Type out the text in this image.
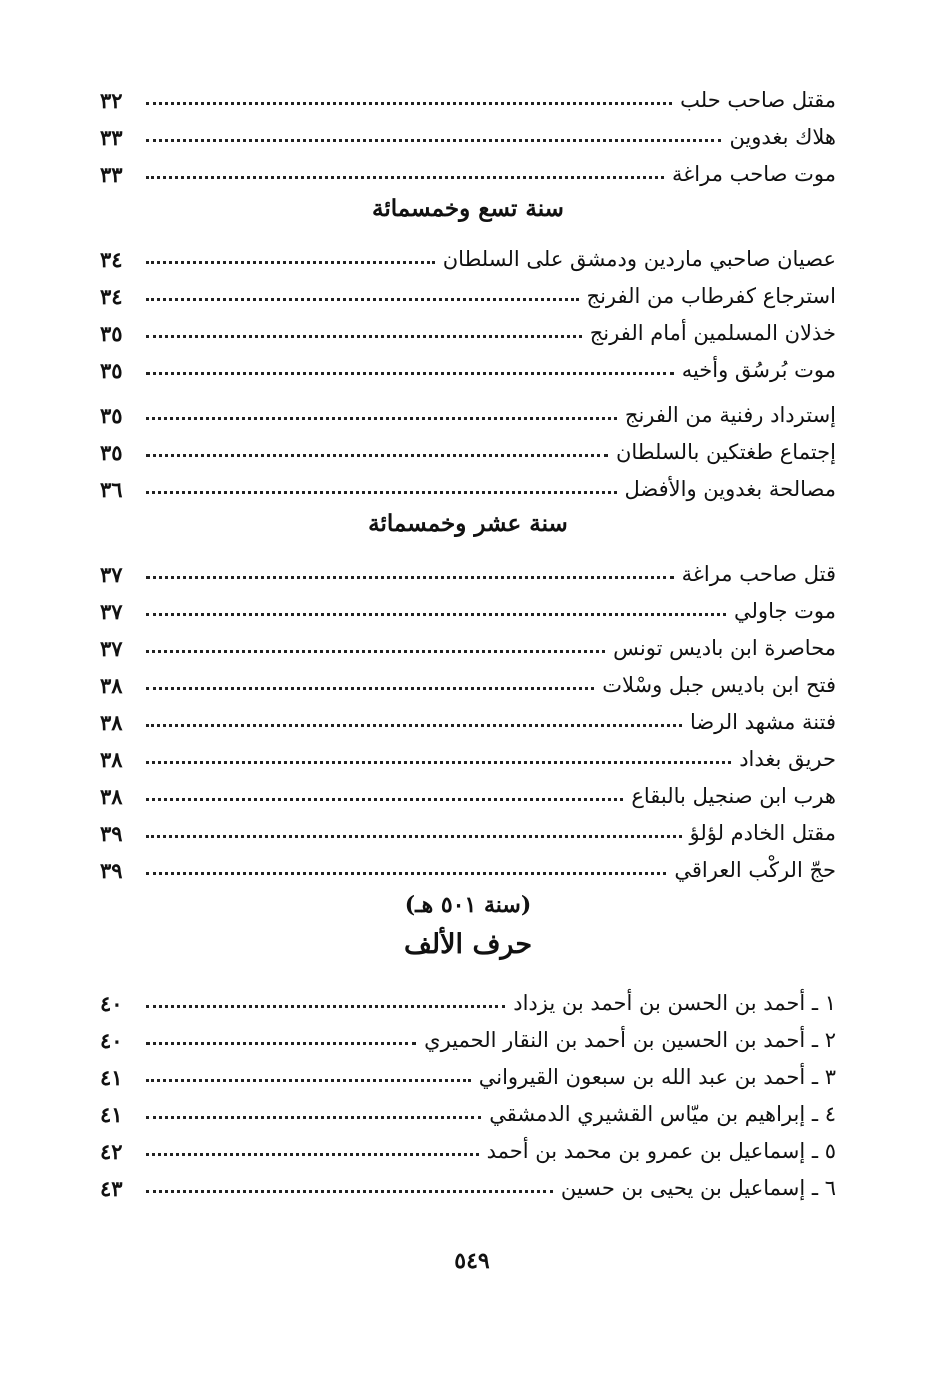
مقتل صاحب حلب
٣٢
هلاك بغدوين
٣٣
موت صاحب مراغة
٣٣
سنة تسع وخمسمائة
عصيان صاحبي ماردين ودمشق على السلطان
٣٤
استرجاع كفرطاب من الفرنج
٣٤
خذلان المسلمين أمام الفرنج
٣٥
موت بُرسُق وأخيه
٣٥
إسترداد رفنية من الفرنج
٣٥
إجتماع طغتكين بالسلطان
٣٥
مصالحة بغدوين والأفضل
٣٦
سنة عشر وخمسمائة
قتل صاحب مراغة
٣٧
موت جاولي
٣٧
محاصرة ابن باديس تونس
٣٧
فتح ابن باديس جبل وسْلات
٣٨
فتنة مشهد الرضا
٣٨
حريق بغداد
٣٨
هرب ابن صنجيل بالبقاع
٣٨
مقتل الخادم لؤلؤ
٣٩
حجّ الركْب العراقي
٣٩
(سنة ٥٠١ هـ)
حرف الألف
١ ـ أحمد بن الحسن بن أحمد بن يزداد
٤٠
٢ ـ أحمد بن الحسين بن أحمد بن النقار الحميري
٤٠
٣ ـ أحمد بن عبد الله بن سبعون القيرواني
٤١
٤ ـ إبراهيم بن ميّاس القشيري الدمشقي
٤١
٥ ـ إسماعيل بن عمرو بن محمد بن أحمد
٤٢
٦ ـ إسماعيل بن يحيى بن حسين
٤٣
٥٤٩
